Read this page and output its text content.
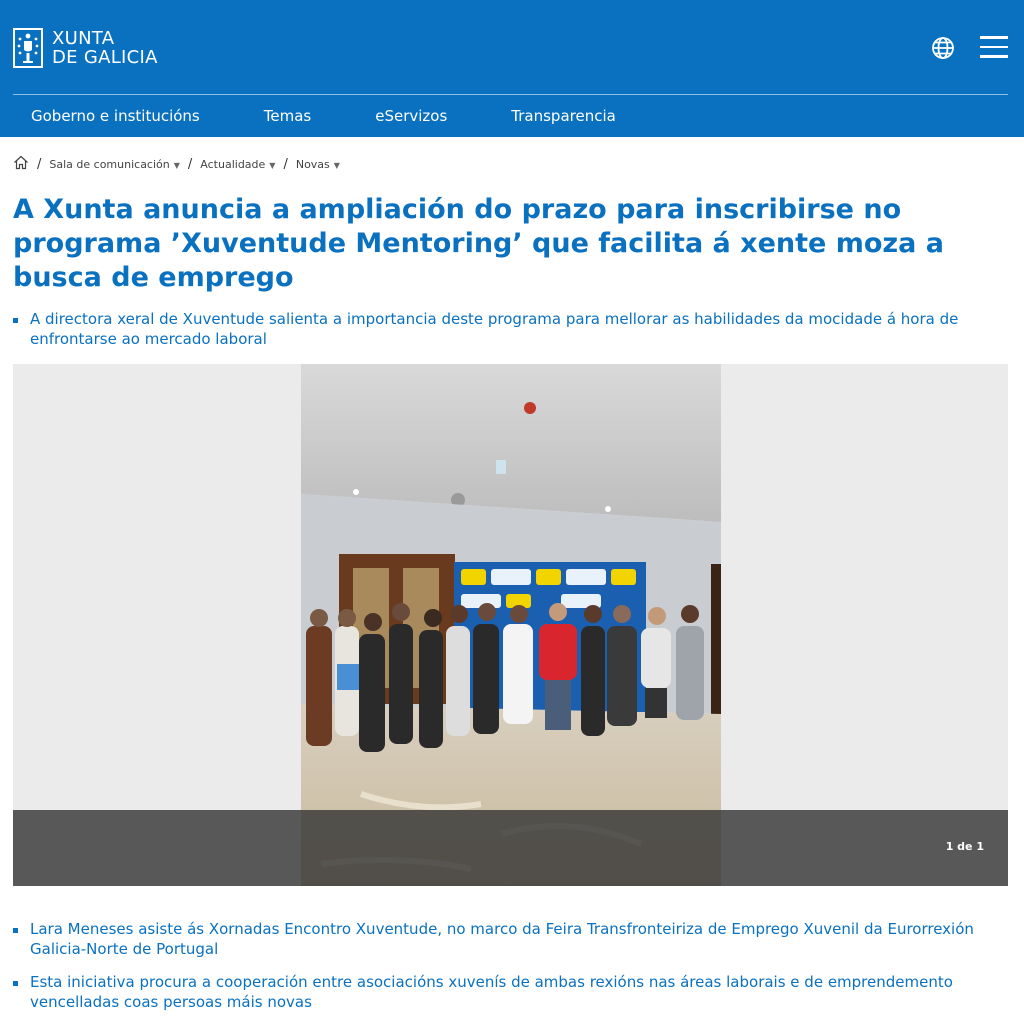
XUNTA
DE GALICIA
Goberno e institucións	Temas	eServizos	Transparencia
/ Sala de comunicación ▼ / Actualidade ▼ / Novas ▼
A Xunta anuncia a ampliación do prazo para inscribirse no programa ’Xuventude Mentoring’ que facilita á xente moza a busca de emprego
A directora xeral de Xuventude salienta a importancia deste programa para mellorar as habilidades da mocidade á hora de enfrontarse ao mercado laboral
1 de 1
Lara Meneses asiste ás Xornadas Encontro Xuventude, no marco da Feira Transfronteiriza de Emprego Xuvenil da Eurorrexión Galicia-Norte de Portugal
Esta iniciativa procura a cooperación entre asociacións xuvenís de ambas rexións nas áreas laborais e de emprendemento vencelladas coas persoas máis novas
